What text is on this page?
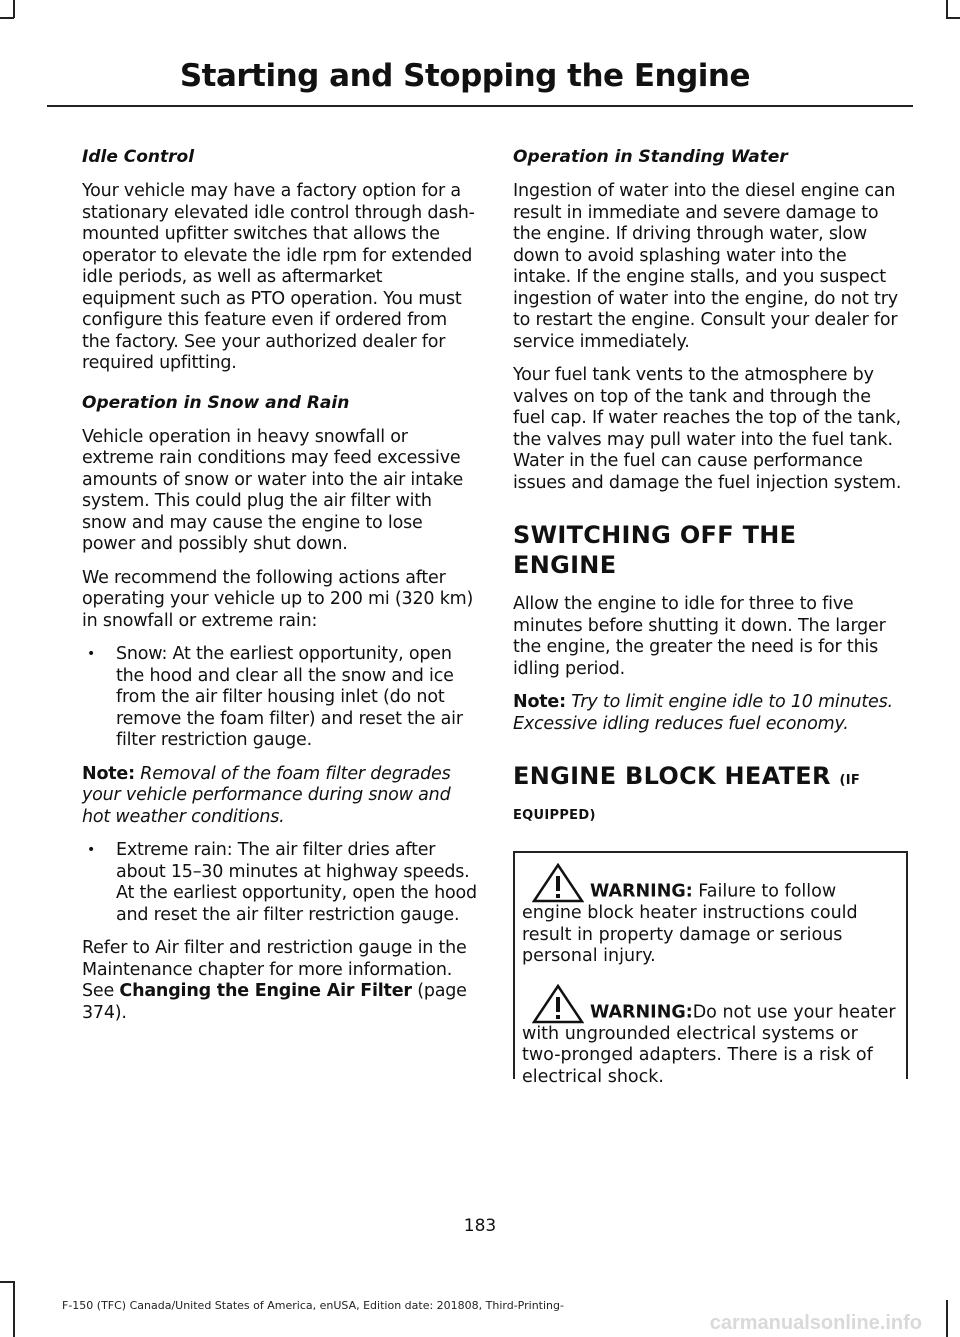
Starting and Stopping the Engine
Idle Control

Your vehicle may have a factory option for a stationary elevated idle control through dash-mounted upfitter switches that allows the operator to elevate the idle rpm for extended idle periods, as well as aftermarket equipment such as PTO operation. You must configure this feature even if ordered from the factory. See your authorized dealer for required upfitting.

Operation in Snow and Rain

Vehicle operation in heavy snowfall or extreme rain conditions may feed excessive amounts of snow or water into the air intake system. This could plug the air filter with snow and may cause the engine to lose power and possibly shut down.

We recommend the following actions after operating your vehicle up to 200 mi (320 km) in snowfall or extreme rain:

• Snow: At the earliest opportunity, open the hood and clear all the snow and ice from the air filter housing inlet (do not remove the foam filter) and reset the air filter restriction gauge.

Note: Removal of the foam filter degrades your vehicle performance during snow and hot weather conditions.

• Extreme rain: The air filter dries after about 15–30 minutes at highway speeds. At the earliest opportunity, open the hood and reset the air filter restriction gauge.

Refer to Air filter and restriction gauge in the Maintenance chapter for more information. See Changing the Engine Air Filter (page 374).

Operation in Standing Water

Ingestion of water into the diesel engine can result in immediate and severe damage to the engine. If driving through water, slow down to avoid splashing water into the intake. If the engine stalls, and you suspect ingestion of water into the engine, do not try to restart the engine. Consult your dealer for service immediately.

Your fuel tank vents to the atmosphere by valves on top of the tank and through the fuel cap. If water reaches the top of the tank, the valves may pull water into the fuel tank. Water in the fuel can cause performance issues and damage the fuel injection system.

SWITCHING OFF THE ENGINE

Allow the engine to idle for three to five minutes before shutting it down. The larger the engine, the greater the need is for this idling period.

Note: Try to limit engine idle to 10 minutes. Excessive idling reduces fuel economy.

ENGINE BLOCK HEATER (IF EQUIPPED)
WARNING: Failure to follow engine block heater instructions could result in property damage or serious personal injury.
WARNING:Do not use your heater with ungrounded electrical systems or two-pronged adapters. There is a risk of electrical shock.
183
F-150 (TFC) Canada/United States of America, enUSA, Edition date: 201808, Third-Printing-
carmanualsonline.info
